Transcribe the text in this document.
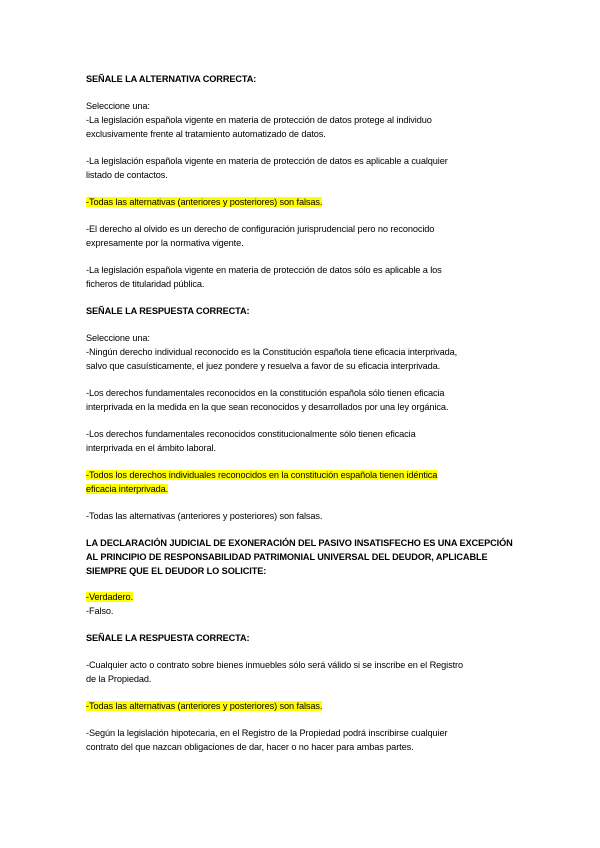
SEÑALE LA ALTERNATIVA CORRECTA:
Seleccione una:
-La legislación española vigente en materia de protección de datos protege al individuo
exclusivamente frente al tratamiento automatizado de datos.
-La legislación española vigente en materia de protección de datos es aplicable a cualquier
listado de contactos.
-Todas las alternativas (anteriores y posteriores) son falsas.
-El derecho al olvido es un derecho de configuración jurisprudencial pero no reconocido
expresamente por la normativa vigente.
-La legislación española vigente en materia de protección de datos sólo es aplicable a los
ficheros de titularidad pública.
SEÑALE LA RESPUESTA CORRECTA:
Seleccione una:
-Ningún derecho individual reconocido es la Constitución española tiene eficacia interprivada,
salvo que casuísticamente, el juez pondere y resuelva a favor de su eficacia interprivada.
-Los derechos fundamentales reconocidos en la constitución española sólo tienen eficacia
interprivada en la medida en la que sean reconocidos y desarrollados por una ley orgánica.
-Los derechos fundamentales reconocidos constitucionalmente sólo tienen eficacia
interprivada en el ámbito laboral.
-Todos los derechos individuales reconocidos en la constitución española tienen idéntica
eficacia interprivada.
-Todas las alternativas (anteriores y posteriores) son falsas.
LA DECLARACIÓN JUDICIAL DE EXONERACIÓN DEL PASIVO INSATISFECHO ES UNA EXCEPCIÓN
AL PRINCIPIO DE RESPONSABILIDAD PATRIMONIAL UNIVERSAL DEL DEUDOR, APLICABLE
SIEMPRE QUE EL DEUDOR LO SOLICITE:
-Verdadero.
-Falso.
SEÑALE LA RESPUESTA CORRECTA:
-Cualquier acto o contrato sobre bienes inmuebles sólo será válido si se inscribe en el Registro
de la Propiedad.
-Todas las alternativas (anteriores y posteriores) son falsas.
-Según la legislación hipotecaria, en el Registro de la Propiedad podrá inscribirse cualquier
contrato del que nazcan obligaciones de dar, hacer o no hacer para ambas partes.
